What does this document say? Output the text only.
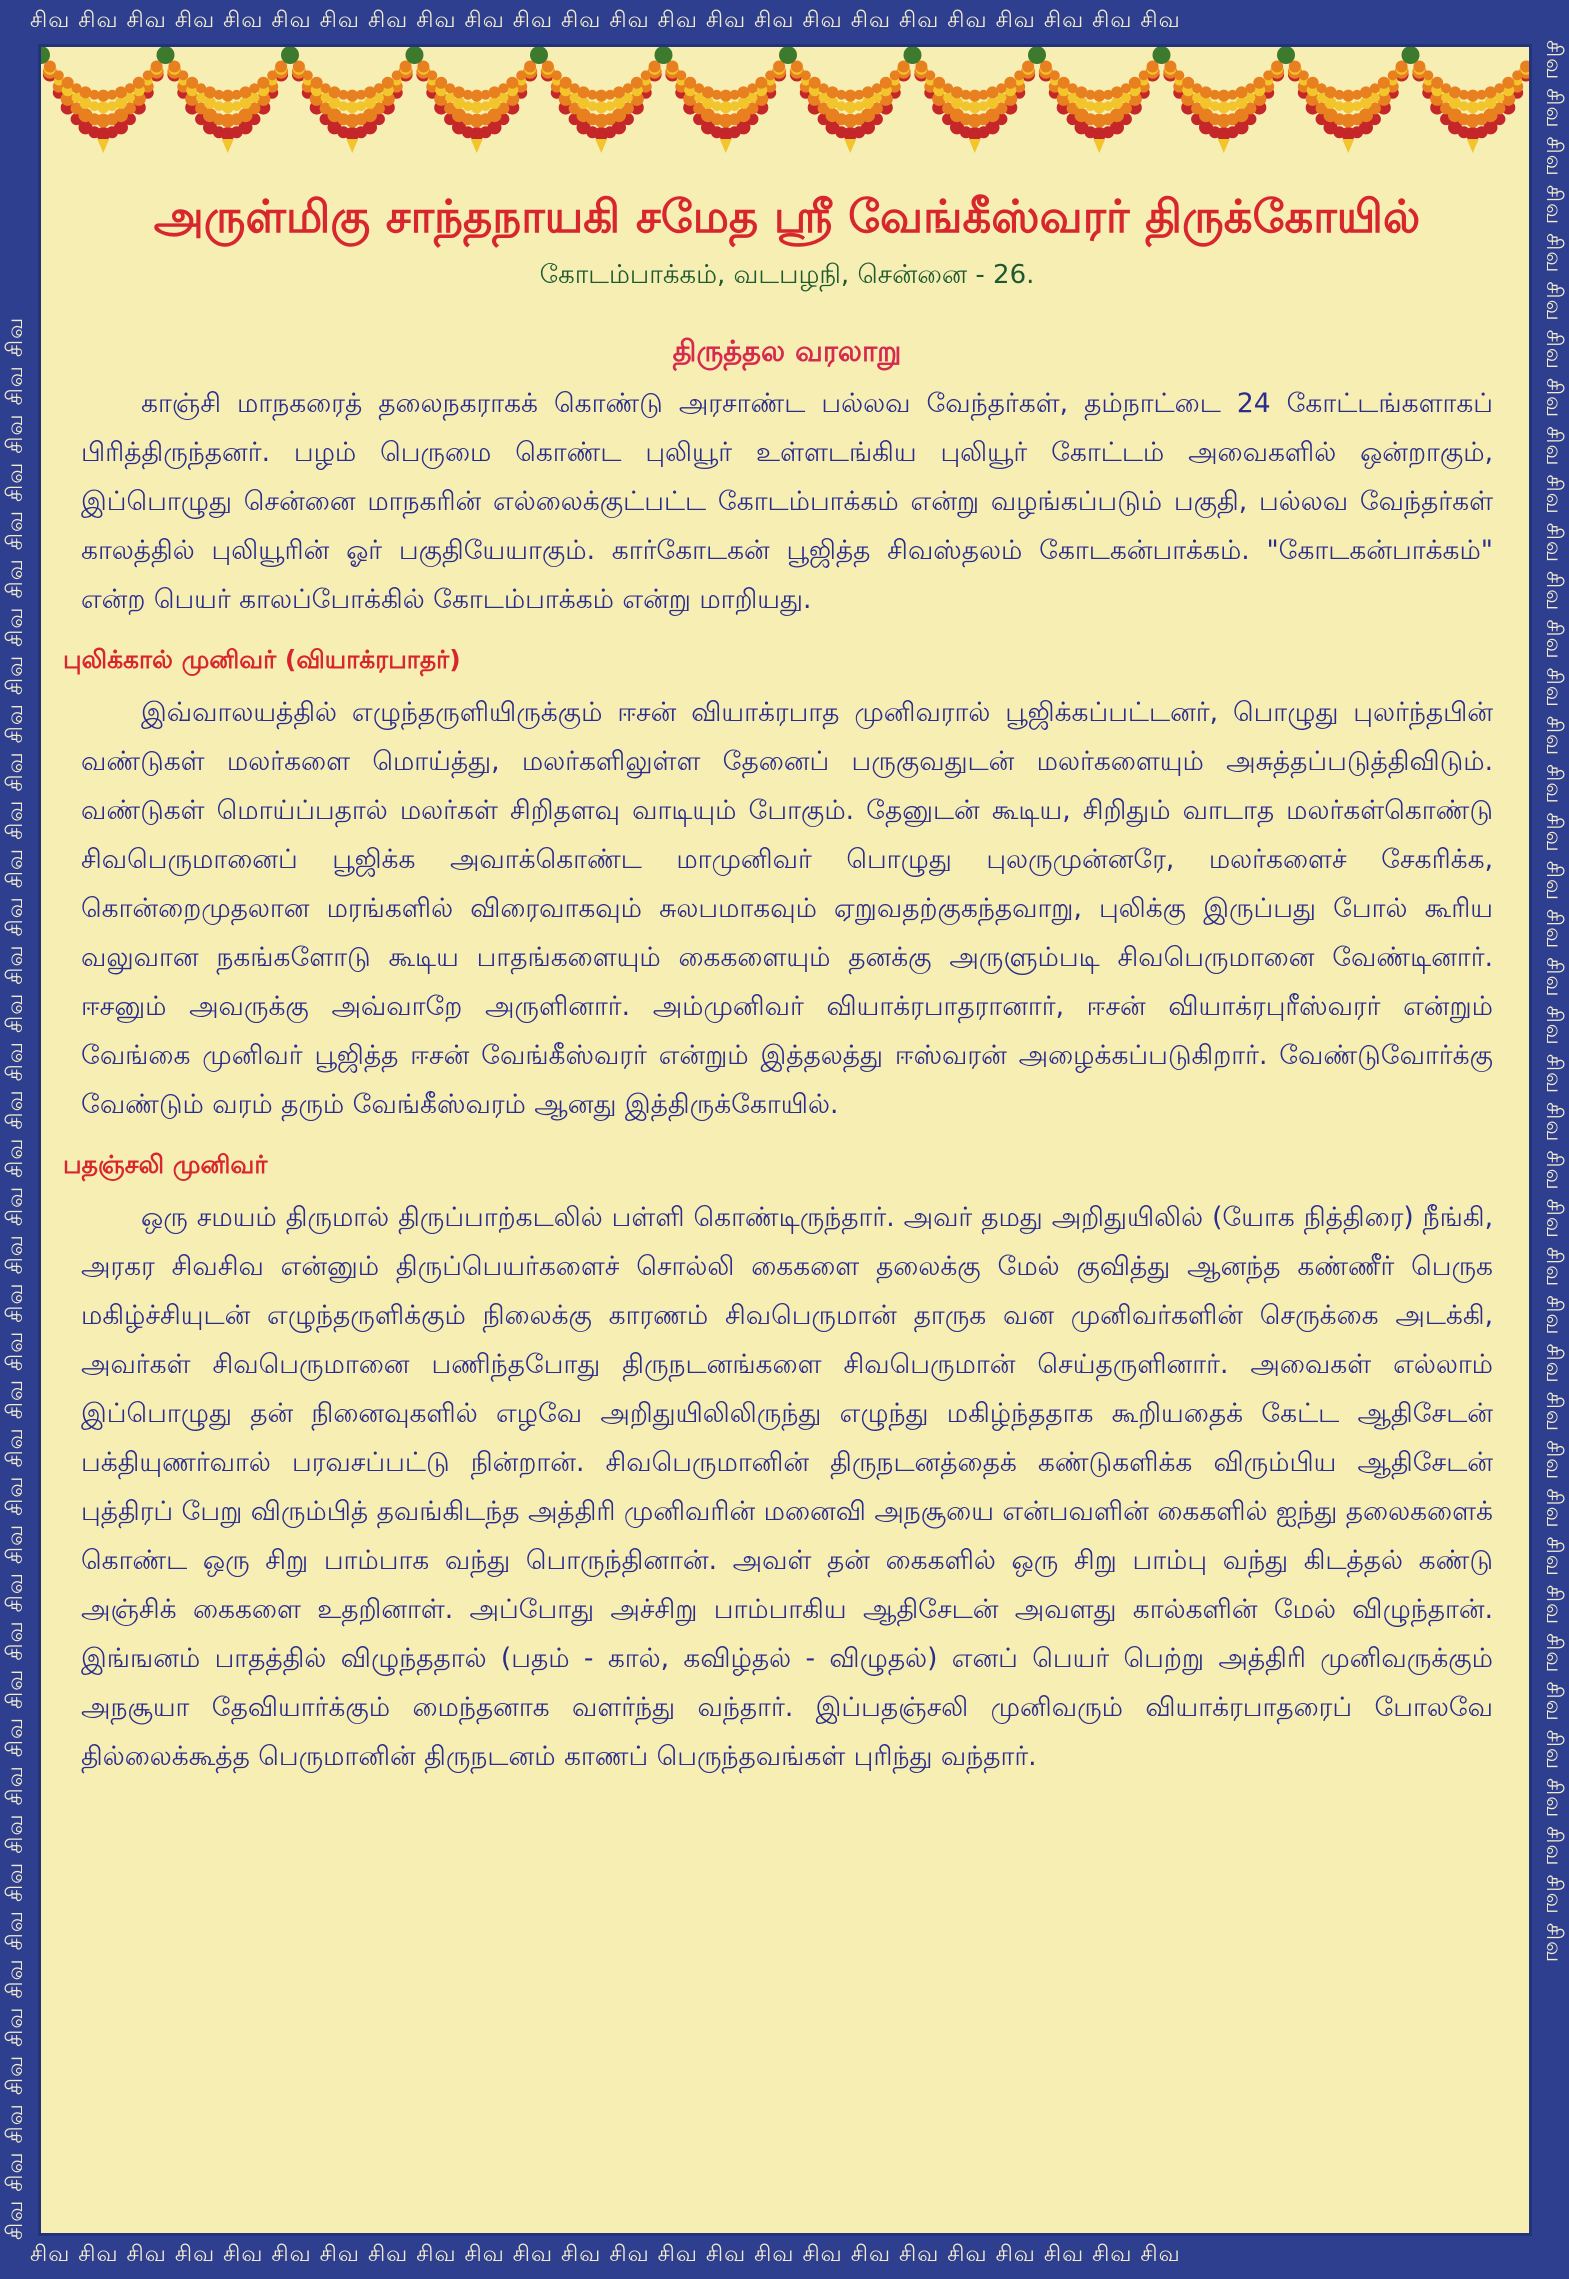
சிவ சிவ சிவ சிவ சிவ சிவ சிவ சிவ சிவ சிவ சிவ சிவ சிவ சிவ சிவ சிவ சிவ சிவ சிவ சிவ சிவ சிவ சிவ சிவ
சிவ சிவ சிவ சிவ சிவ சிவ சிவ சிவ சிவ சிவ சிவ சிவ சிவ சிவ சிவ சிவ சிவ சிவ சிவ சிவ சிவ சிவ சிவ சிவ
சிவ சிவ சிவ சிவ சிவ சிவ சிவ சிவ சிவ சிவ சிவ சிவ சிவ சிவ சிவ சிவ சிவ சிவ சிவ சிவ சிவ சிவ சிவ சிவ சிவ சிவ சிவ சிவ சிவ சிவ சிவ சிவ சிவ சிவ சிவ சிவ சிவ சிவ சிவ சிவ	சிவ சிவ சிவ சிவ சிவ சிவ சிவ சிவ சிவ சிவ சிவ சிவ சிவ சிவ சிவ சிவ சிவ சிவ சிவ சிவ சிவ சிவ சிவ சிவ சிவ சிவ சிவ சிவ சிவ சிவ சிவ சிவ சிவ சிவ சிவ சிவ சிவ சிவ சிவ சிவ
அருள்மிகு சாந்தநாயகி சமேத ஸ்ரீ வேங்கீஸ்வரர் திருக்கோயில்
கோடம்பாக்கம், வடபழநி, சென்னை - 26.
திருத்தல வரலாறு

காஞ்சி மாநகரைத் தலைநகராகக் கொண்டு அரசாண்ட பல்லவ வேந்தர்கள், தம்நாட்டை 24 கோட்டங்களாகப் பிரித்திருந்தனர். பழம் பெருமை கொண்ட புலியூர் உள்ளடங்கிய புலியூர் கோட்டம் அவைகளில் ஒன்றாகும், இப்பொழுது சென்னை மாநகரின் எல்லைக்குட்பட்ட கோடம்பாக்கம் என்று வழங்கப்படும் பகுதி, பல்லவ வேந்தர்கள் காலத்தில் புலியூரின் ஓர் பகுதியேயாகும். கார்கோடகன் பூஜித்த சிவஸ்தலம் கோடகன்பாக்கம். "கோடகன்பாக்கம்" என்ற பெயர் காலப்போக்கில் கோடம்பாக்கம் என்று மாறியது.

புலிக்கால் முனிவர் (வியாக்ரபாதர்)

இவ்வாலயத்தில் எழுந்தருளியிருக்கும் ஈசன் வியாக்ரபாத முனிவரால் பூஜிக்கப்பட்டனர், பொழுது புலர்ந்தபின் வண்டுகள் மலர்களை மொய்த்து, மலர்களிலுள்ள தேனைப் பருகுவதுடன் மலர்களையும் அசுத்தப்படுத்திவிடும். வண்டுகள் மொய்ப்பதால் மலர்கள் சிறிதளவு வாடியும் போகும். தேனுடன் கூடிய, சிறிதும் வாடாத மலர்கள்கொண்டு சிவபெருமானைப் பூஜிக்க அவாக்கொண்ட மாமுனிவர் பொழுது புலருமுன்னரே, மலர்களைச் சேகரிக்க, கொன்றைமுதலான மரங்களில் விரைவாகவும் சுலபமாகவும் ஏறுவதற்குகந்தவாறு, புலிக்கு இருப்பது போல் கூரிய வலுவான நகங்களோடு கூடிய பாதங்களையும் கைகளையும் தனக்கு அருளும்படி சிவபெருமானை வேண்டினார். ஈசனும் அவருக்கு அவ்வாறே அருளினார். அம்முனிவர் வியாக்ரபாதரானார், ஈசன் வியாக்ரபுரீஸ்வரர் என்றும் வேங்கை முனிவர் பூஜித்த ஈசன் வேங்கீஸ்வரர் என்றும் இத்தலத்து ஈஸ்வரன் அழைக்கப்படுகிறார். வேண்டுவோர்க்கு வேண்டும் வரம் தரும் வேங்கீஸ்வரம் ஆனது இத்திருக்கோயில்.

பதஞ்சலி முனிவர்

ஒரு சமயம் திருமால் திருப்பாற்கடலில் பள்ளி கொண்டிருந்தார். அவர் தமது அறிதுயிலில் (யோக நித்திரை) நீங்கி, அரகர சிவசிவ என்னும் திருப்பெயர்களைச் சொல்லி கைகளை தலைக்கு மேல் குவித்து ஆனந்த கண்ணீர் பெருக மகிழ்ச்சியுடன் எழுந்தருளிக்கும் நிலைக்கு காரணம் சிவபெருமான் தாருக வன முனிவர்களின் செருக்கை அடக்கி, அவர்கள் சிவபெருமானை பணிந்தபோது திருநடனங்களை சிவபெருமான் செய்தருளினார். அவைகள் எல்லாம் இப்பொழுது தன் நினைவுகளில் எழவே அறிதுயிலிலிருந்து எழுந்து மகிழ்ந்ததாக கூறியதைக் கேட்ட ஆதிசேடன் பக்தியுணர்வால் பரவசப்பட்டு நின்றான். சிவபெருமானின் திருநடனத்தைக் கண்டுகளிக்க விரும்பிய ஆதிசேடன் புத்திரப் பேறு விரும்பித் தவங்கிடந்த அத்திரி முனிவரின் மனைவி அநசூயை என்பவளின் கைகளில் ஐந்து தலைகளைக் கொண்ட ஒரு சிறு பாம்பாக வந்து பொருந்தினான். அவள் தன் கைகளில் ஒரு சிறு பாம்பு வந்து கிடத்தல் கண்டு அஞ்சிக் கைகளை உதறினாள். அப்போது அச்சிறு பாம்பாகிய ஆதிசேடன் அவளது கால்களின் மேல் விழுந்தான். இங்ஙனம் பாதத்தில் விழுந்ததால் (பதம் - கால், கவிழ்தல் - விழுதல்) எனப் பெயர் பெற்று அத்திரி முனிவருக்கும் அநசூயா தேவியார்க்கும் மைந்தனாக வளர்ந்து வந்தார். இப்பதஞ்சலி முனிவரும் வியாக்ரபாதரைப் போலவே தில்லைக்கூத்த பெருமானின் திருநடனம் காணப் பெருந்தவங்கள் புரிந்து வந்தார்.
